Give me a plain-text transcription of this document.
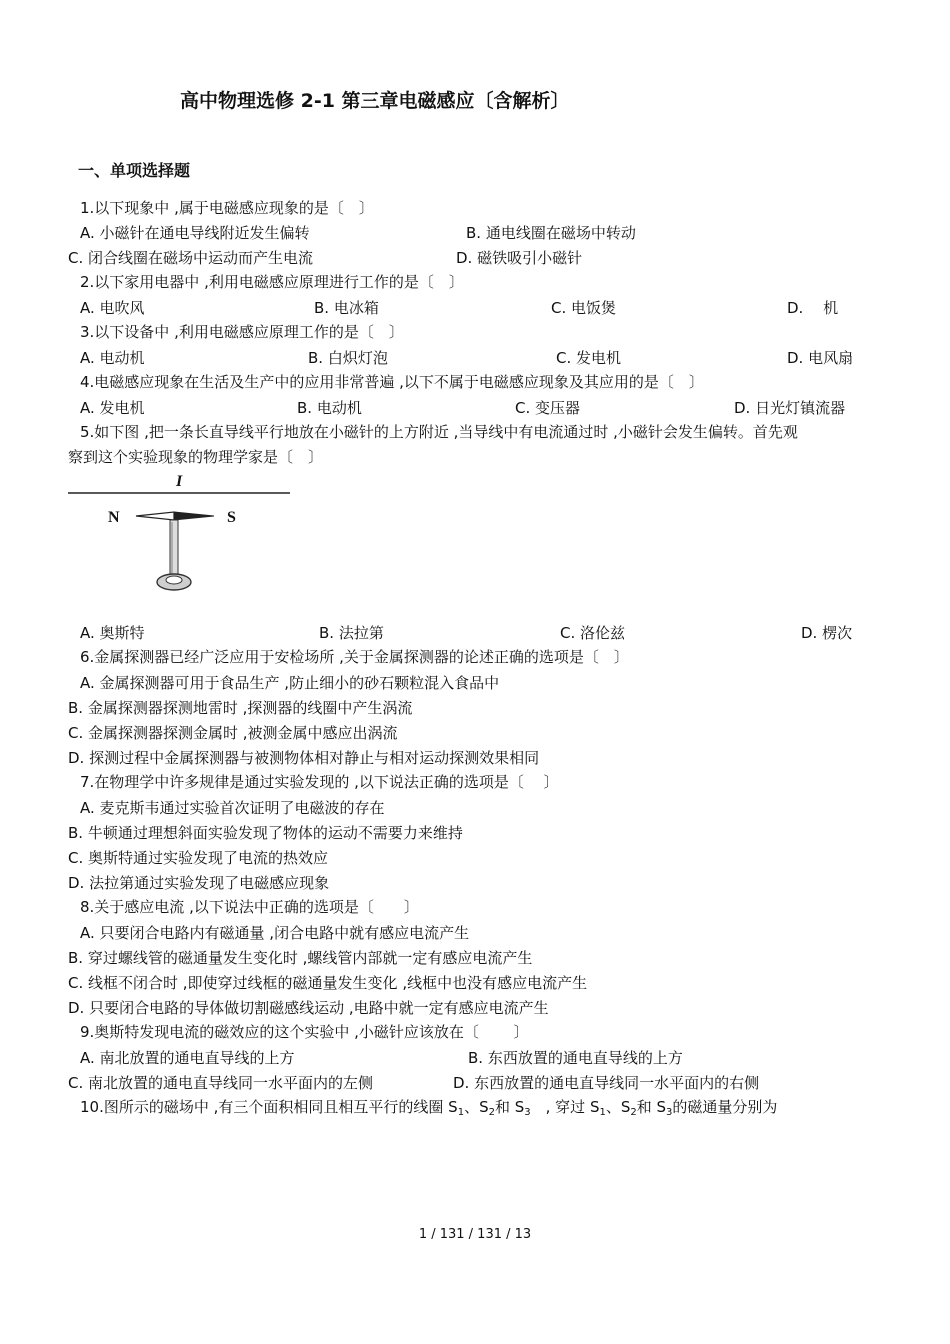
高中物理选修 2-1 第三章电磁感应〔含解析〕
一、单项选择题
1.以下现象中 ,属于电磁感应现象的是〔　〕
A. 小磁针在通电导线附近发生偏转	B. 通电线圈在磁场中转动
C. 闭合线圈在磁场中运动而产生电流	D. 磁铁吸引小磁针
2.以下家用电器中 ,利用电磁感应原理进行工作的是〔　〕
A. 电吹风	B. 电冰箱	C. 电饭煲	D.　 机
3.以下设备中 ,利用电磁感应原理工作的是〔　〕
A. 电动机	B. 白炽灯泡	C. 发电机	D. 电风扇
4.电磁感应现象在生活及生产中的应用非常普遍 ,以下不属于电磁感应现象及其应用的是〔　〕
A. 发电机	B. 电动机	C. 变压器	D. 日光灯镇流器
5.如下图 ,把一条长直导线平行地放在小磁针的上方附近 ,当导线中有电流通过时 ,小磁针会发生偏转。首先观
察到这个实验现象的物理学家是〔　〕
I
N	S
A. 奥斯特	B. 法拉第	C. 洛伦兹	D. 楞次
6.金属探测器已经广泛应用于安检场所 ,关于金属探测器的论述正确的选项是〔　〕
A. 金属探测器可用于食品生产 ,防止细小的砂石颗粒混入食品中
B. 金属探测器探测地雷时 ,探测器的线圈中产生涡流
C. 金属探测器探测金属时 ,被测金属中感应出涡流
D. 探测过程中金属探测器与被测物体相对静止与相对运动探测效果相同
7.在物理学中许多规律是通过实验发现的 ,以下说法正确的选项是〔　 〕
A. 麦克斯韦通过实验首次证明了电磁波的存在
B. 牛顿通过理想斜面实验发现了物体的运动不需要力来维持
C. 奥斯特通过实验发现了电流的热效应
D. 法拉第通过实验发现了电磁感应现象
8.关于感应电流 ,以下说法中正确的选项是〔　　〕
A. 只要闭合电路内有磁通量 ,闭合电路中就有感应电流产生
B. 穿过螺线管的磁通量发生变化时 ,螺线管内部就一定有感应电流产生
C. 线框不闭合时 ,即使穿过线框的磁通量发生变化 ,线框中也没有感应电流产生
D. 只要闭合电路的导体做切割磁感线运动 ,电路中就一定有感应电流产生
9.奥斯特发现电流的磁效应的这个实验中 ,小磁针应该放在〔　　 〕
A. 南北放置的通电直导线的上方	B. 东西放置的通电直导线的上方
C. 南北放置的通电直导线同一水平面内的左侧	D. 东西放置的通电直导线同一水平面内的右侧
10.图所示的磁场中 ,有三个面积相同且相互平行的线圈 $S_1$、$S_2$和 $S_3$　, 穿过 $S_1$、$S_2$和 $S_3$的磁通量分别为
1 / 131 / 131 / 13
